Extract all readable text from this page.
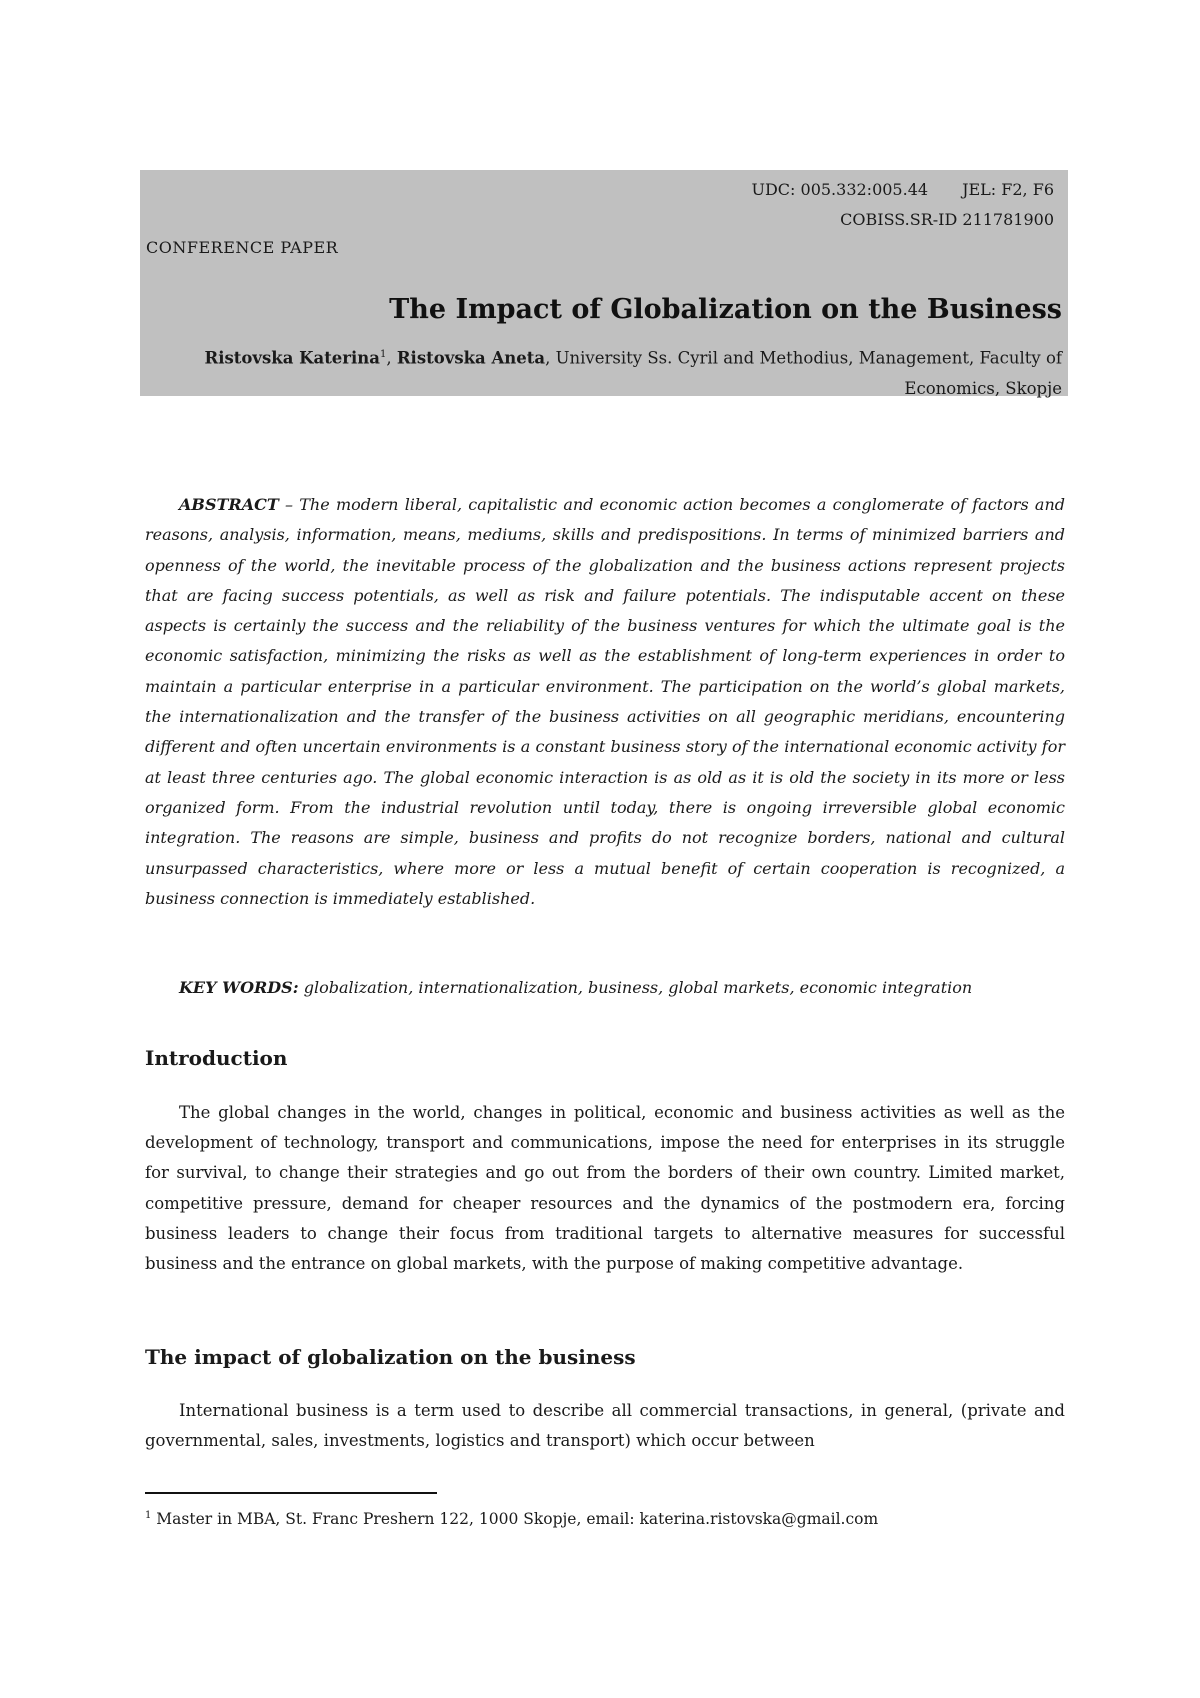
UDC: 005.332:005.44 JEL: F2, F6
COBISS.SR-ID 211781900
CONFERENCE PAPER
The Impact of Globalization on the Business
Ristovska Katerina$^1$, Ristovska Aneta, University Ss. Cyril and Methodius, Management, Faculty of Economics, Skopje

ABSTRACT – The modern liberal, capitalistic and economic action becomes a conglomerate of factors and reasons, analysis, information, means, mediums, skills and predispositions. In terms of minimized barriers and openness of the world, the inevitable process of the globalization and the business actions represent projects that are facing success potentials, as well as risk and failure potentials. The indisputable accent on these aspects is certainly the success and the reliability of the business ventures for which the ultimate goal is the economic satisfaction, minimizing the risks as well as the establishment of long-term experiences in order to maintain a particular enterprise in a particular environment. The participation on the world’s global markets, the internationalization and the transfer of the business activities on all geographic meridians, encountering different and often uncertain environments is a constant business story of the international economic activity for at least three centuries ago. The global economic interaction is as old as it is old the society in its more or less organized form. From the industrial revolution until today, there is ongoing irreversible global economic integration. The reasons are simple, business and profits do not recognize borders, national and cultural unsurpassed characteristics, where more or less a mutual benefit of certain cooperation is recognized, a business connection is immediately established.

KEY WORDS: globalization, internationalization, business, global markets, economic integration

Introduction

The global changes in the world, changes in political, economic and business activities as well as the development of technology, transport and communications, impose the need for enterprises in its struggle for survival, to change their strategies and go out from the borders of their own country. Limited market, competitive pressure, demand for cheaper resources and the dynamics of the postmodern era, forcing business leaders to change their focus from traditional targets to alternative measures for successful business and the entrance on global markets, with the purpose of making competitive advantage.

The impact of globalization on the business

International business is a term used to describe all commercial transactions, in general, (private and governmental, sales, investments, logistics and transport) which occur between

$^1$ Master in MBA, St. Franc Preshern 122, 1000 Skopje, email: katerina.ristovska@gmail.com
